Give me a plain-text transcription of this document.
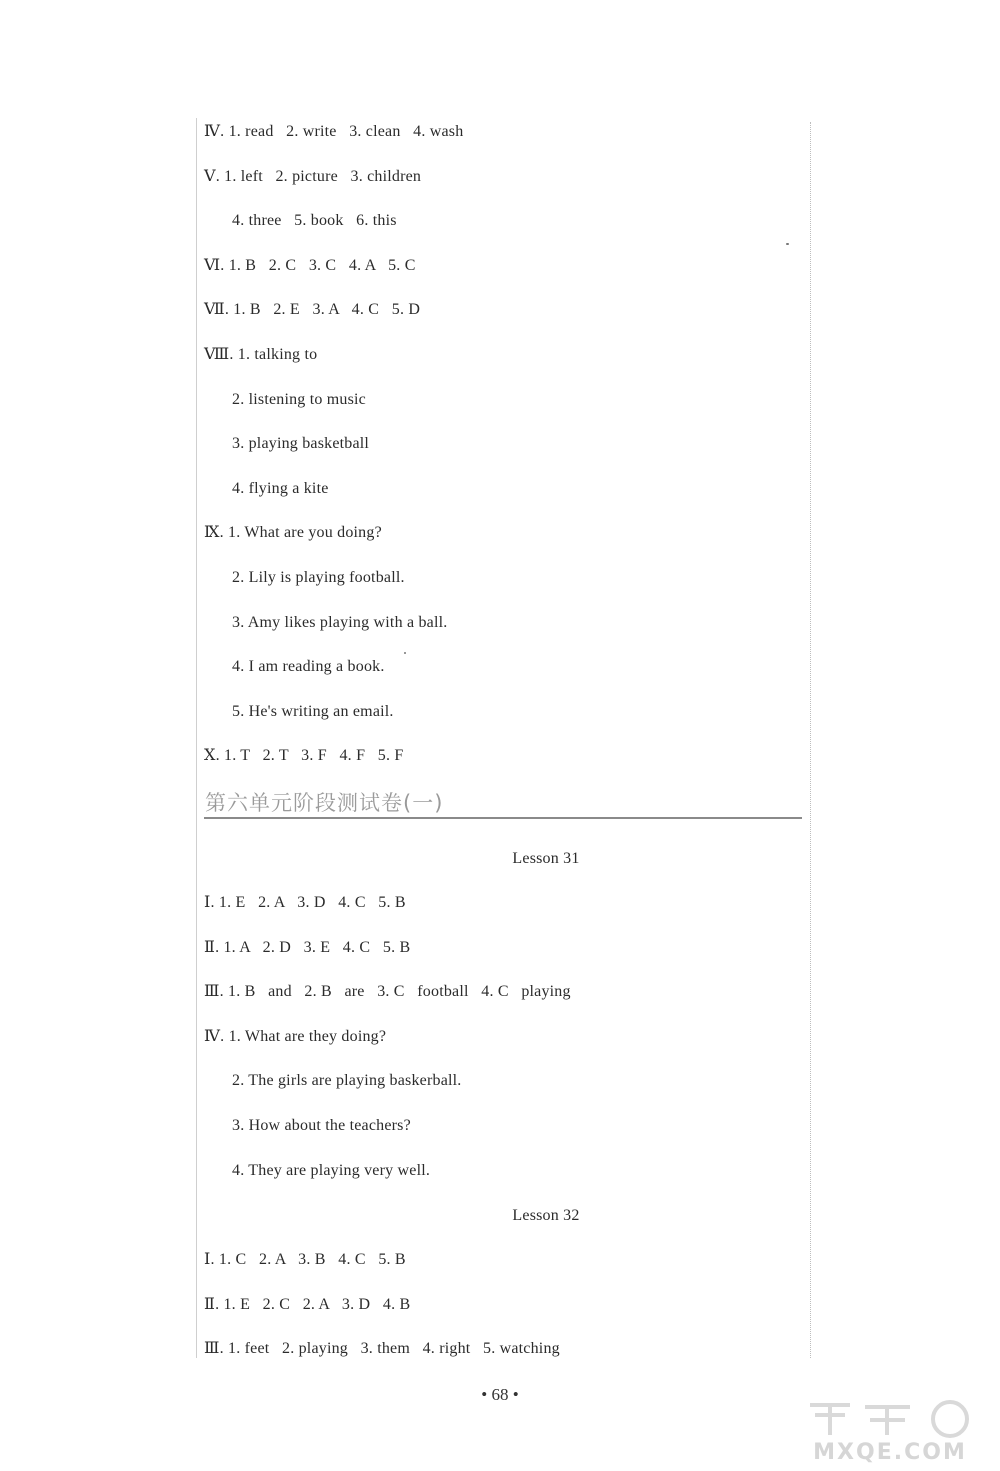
Ⅳ. 1. read   2. write   3. clean   4. wash
Ⅴ. 1. left   2. picture   3. children
4. three   5. book   6. this
Ⅵ. 1. B   2. C   3. C   4. A   5. C
Ⅶ. 1. B   2. E   3. A   4. C   5. D
Ⅷ. 1. talking to
2. listening to music
3. playing basketball
4. flying a kite
Ⅸ. 1. What are you doing?
2. Lily is playing football.
3. Amy likes playing with a ball.
4. I am reading a book.
5. He's writing an email.
Ⅹ. 1. T   2. T   3. F   4. F   5. F
第六单元阶段测试卷(一)
Lesson 31
Ⅰ. 1. E   2. A   3. D   4. C   5. B
Ⅱ. 1. A   2. D   3. E   4. C   5. B
Ⅲ. 1. B   and   2. B   are   3. C   football   4. C   playing
Ⅳ. 1. What are they doing?
2. The girls are playing baskerball.
3. How about the teachers?
4. They are playing very well.
Lesson 32
Ⅰ. 1. C   2. A   3. B   4. C   5. B
Ⅱ. 1. E   2. C   2. A   3. D   4. B
Ⅲ. 1. feet   2. playing   3. them   4. right   5. watching
• 68 •
MXQE.COM
